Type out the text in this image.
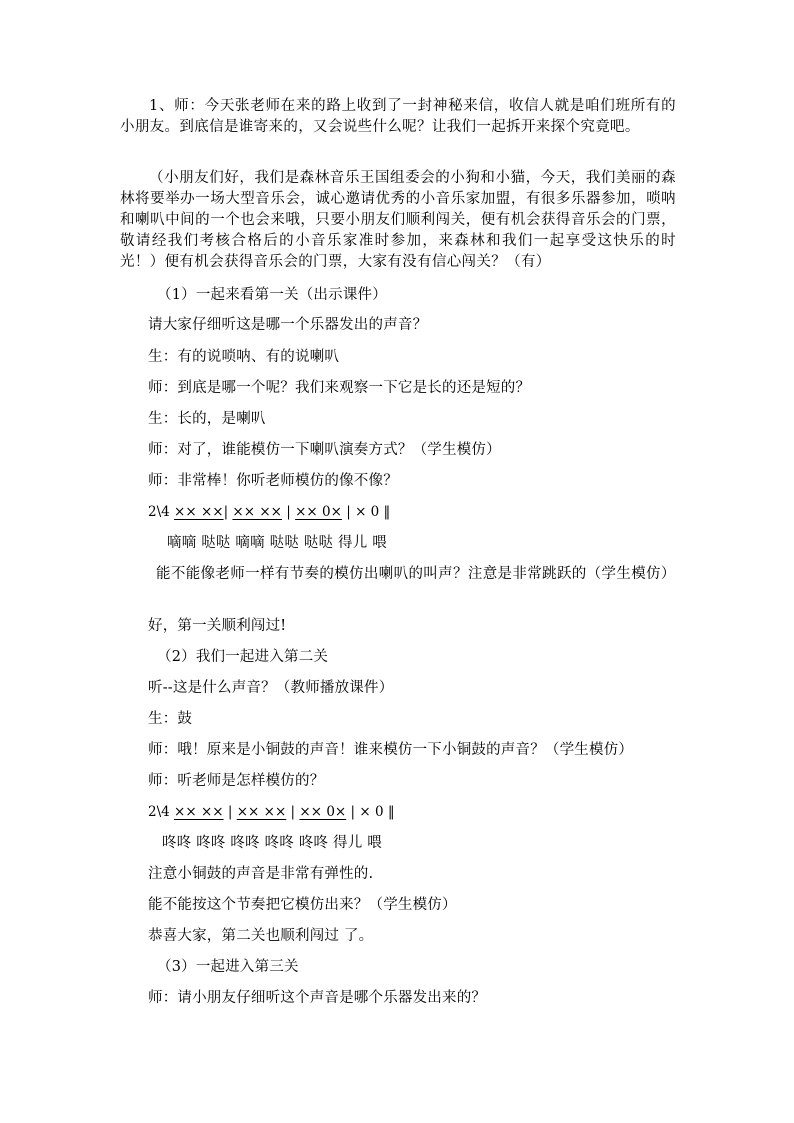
1、师：今天张老师在来的路上收到了一封神秘来信，收信人就是咱们班所有的小朋友。到底信是谁寄来的，又会说些什么呢？让我们一起拆开来探个究竟吧。
（小朋友们好，我们是森林音乐王国组委会的小狗和小猫，今天，我们美丽的森林将要举办一场大型音乐会，诚心邀请优秀的小音乐家加盟，有很多乐器参加，唢呐和喇叭中间的一个也会来哦，只要小朋友们顺利闯关，便有机会获得音乐会的门票，敬请经我们考核合格后的小音乐家准时参加，来森林和我们一起享受这快乐的时光！）便有机会获得音乐会的门票，大家有没有信心闯关？（有）
（1）一起来看第一关（出示课件）
请大家仔细听这是哪一个乐器发出的声音？
生：有的说唢呐、有的说喇叭
师：到底是哪一个呢？我们来观察一下它是长的还是短的？
生：长的，是喇叭
师：对了，谁能模仿一下喇叭演奏方式？（学生模仿）
师：非常棒！你听老师模仿的像不像？
2\4 ×× ××| ×× ×× | ×× 0× | × 0 ‖
嘀嘀 哒哒 嘀嘀 哒哒 哒哒 得儿 喂
能不能像老师一样有节奏的模仿出喇叭的叫声？注意是非常跳跃的（学生模仿）
好，第一关顺利闯过!
（2）我们一起进入第二关
听--这是什么声音？（教师播放课件）
生：鼓
师：哦！原来是小铜鼓的声音！谁来模仿一下小铜鼓的声音？（学生模仿）
师：听老师是怎样模仿的？
2\4 ×× ×× | ×× ×× | ×× 0× | × 0 ‖
咚咚 咚咚 咚咚 咚咚 咚咚 得儿 喂
注意小铜鼓的声音是非常有弹性的.
能不能按这个节奏把它模仿出来？（学生模仿）
恭喜大家，第二关也顺利闯过 了。
（3）一起进入第三关
师：请小朋友仔细听这个声音是哪个乐器发出来的？
